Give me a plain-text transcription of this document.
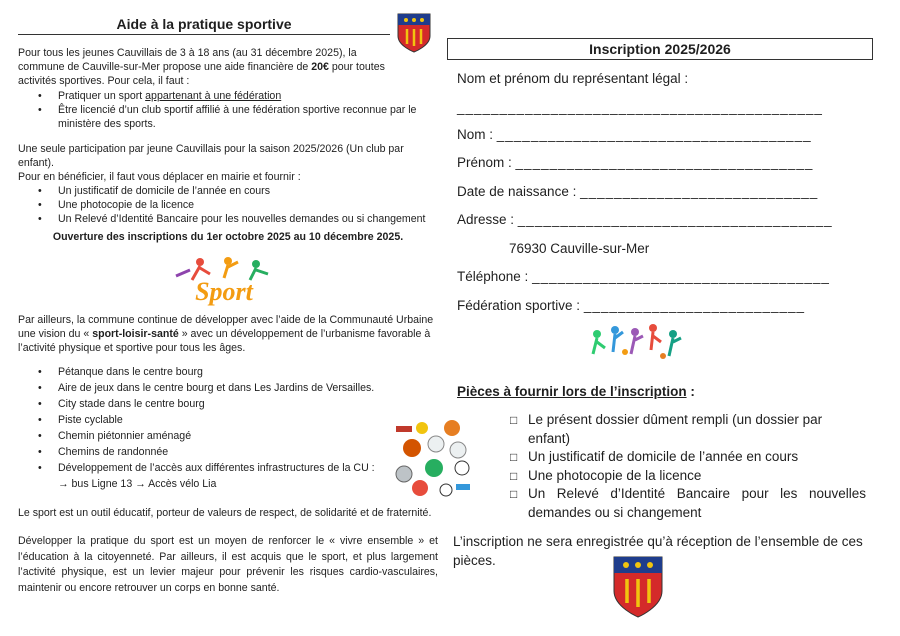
Aide à la pratique sportive
Pour tous les jeunes Cauvillais de 3 à 18 ans (au 31 décembre 2025), la
commune de Cauville-sur-Mer propose une aide financière de 20€ pour toutes
activités sportives. Pour cela, il faut :
• Pratiquer un sport appartenant à une fédération
• Être licencié d’un club sportif affilié à une fédération sportive reconnue par le ministère des sports.
Une seule participation par jeune Cauvillais pour la saison 2025/2026 (Un club par
enfant).
Pour en bénéficier, il faut vous déplacer en mairie et fournir :
• Un justificatif de domicile de l’année en cours
• Une photocopie de la licence
• Un Relevé d’Identité Bancaire pour les nouvelles demandes ou si changement
Ouverture des inscriptions du 1er octobre 2025 au 10 décembre 2025.
Sport
Par ailleurs, la commune continue de développer avec l’aide de la Communauté Urbaine
une vision du « sport-loisir-santé » avec un développement de l’urbanisme favorable à
l’activité physique et sportive pour tous les âges.
• Pétanque dans le centre bourg
• Aire de jeux dans le centre bourg et dans Les Jardins de Versailles.
• City stade dans le centre bourg
• Piste cyclable
• Chemin piétonnier aménagé
• Chemins de randonnée
• Développement de l’accès aux différentes infrastructures de la CU :
→ bus Ligne 13 → Accès vélo Lia
Le sport est un outil éducatif, porteur de valeurs de respect, de solidarité et de fraternité.
Développer la pratique du sport est un moyen de renforcer le « vivre ensemble » et l’éducation à la citoyenneté. Par ailleurs, il est acquis que le sport, et plus largement l’activité physique, est un levier majeur pour prévenir les risques cardio-vasculaires, maintenir ou encore retrouver un corps en bonne santé.
Inscription 2025/2026
Nom et prénom du représentant légal :
___________________________________________
Nom : _____________________________________
Prénom : ___________________________________
Date de naissance : ____________________________
Adresse : _____________________________________
76930 Cauville-sur-Mer
Téléphone : ___________________________________
Fédération sportive : __________________________
Pièces à fournir lors de l’inscription :
□ Le présent dossier dûment rempli (un dossier par enfant)
□ Un justificatif de domicile de l’année en cours
□ Une photocopie de la licence
□ Un Relevé d’Identité Bancaire pour les nouvelles demandes ou si changement
L’inscription ne sera enregistrée qu’à réception de l’ensemble de ces pièces.
